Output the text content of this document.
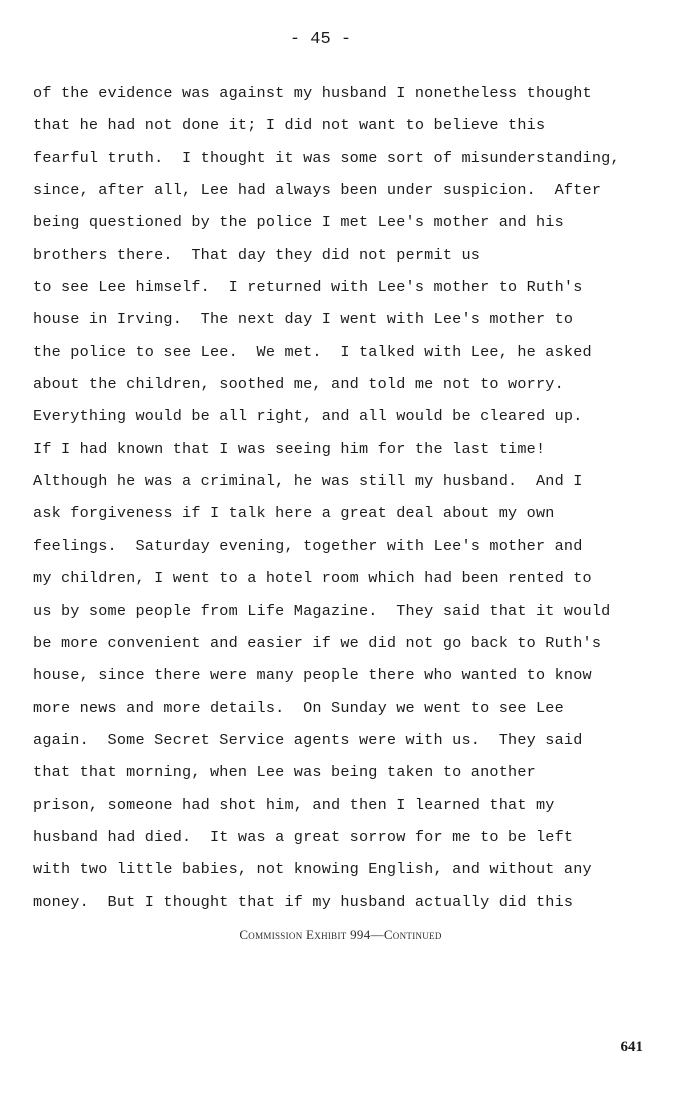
- 45 -
of the evidence was against my husband I nonetheless thought
that he had not done it; I did not want to believe this
fearful truth.  I thought it was some sort of misunderstanding,
since, after all, Lee had always been under suspicion.  After
being questioned by the police I met Lee's mother and his
brothers there.  That day they did not permit us
to see Lee himself.  I returned with Lee's mother to Ruth's
house in Irving.  The next day I went with Lee's mother to
the police to see Lee.  We met.  I talked with Lee, he asked
about the children, soothed me, and told me not to worry.
Everything would be all right, and all would be cleared up.
If I had known that I was seeing him for the last time!
Although he was a criminal, he was still my husband.  And I
ask forgiveness if I talk here a great deal about my own
feelings.  Saturday evening, together with Lee's mother and
my children, I went to a hotel room which had been rented to
us by some people from Life Magazine.  They said that it would
be more convenient and easier if we did not go back to Ruth's
house, since there were many people there who wanted to know
more news and more details.  On Sunday we went to see Lee
again.  Some Secret Service agents were with us.  They said
that that morning, when Lee was being taken to another
prison, someone had shot him, and then I learned that my
husband had died.  It was a great sorrow for me to be left
with two little babies, not knowing English, and without any
money.  But I thought that if my husband actually did this
Commission Exhibit 994—Continued
641
